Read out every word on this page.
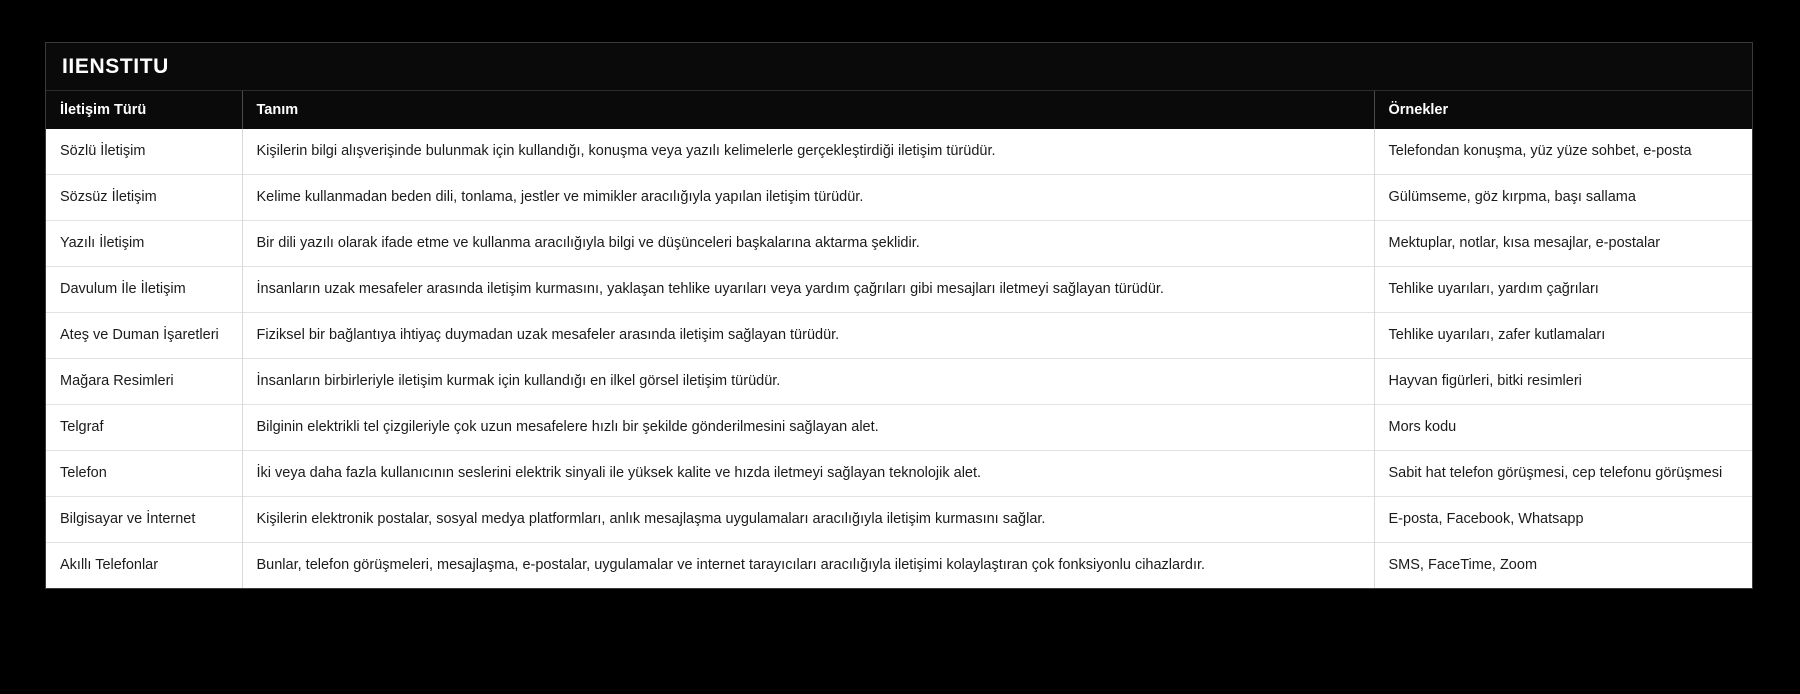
IIENSTITU
İletişim Türü	Tanım	Örnekler
Sözlü İletişim	Kişilerin bilgi alışverişinde bulunmak için kullandığı, konuşma veya yazılı kelimelerle gerçekleştirdiği iletişim türüdür.	Telefondan konuşma, yüz yüze sohbet, e-posta
Sözsüz İletişim	Kelime kullanmadan beden dili, tonlama, jestler ve mimikler aracılığıyla yapılan iletişim türüdür.	Gülümseme, göz kırpma, başı sallama
Yazılı İletişim	Bir dili yazılı olarak ifade etme ve kullanma aracılığıyla bilgi ve düşünceleri başkalarına aktarma şeklidir.	Mektuplar, notlar, kısa mesajlar, e-postalar
Davulum İle İletişim	İnsanların uzak mesafeler arasında iletişim kurmasını, yaklaşan tehlike uyarıları veya yardım çağrıları gibi mesajları iletmeyi sağlayan türüdür.	Tehlike uyarıları, yardım çağrıları
Ateş ve Duman İşaretleri	Fiziksel bir bağlantıya ihtiyaç duymadan uzak mesafeler arasında iletişim sağlayan türüdür.	Tehlike uyarıları, zafer kutlamaları
Mağara Resimleri	İnsanların birbirleriyle iletişim kurmak için kullandığı en ilkel görsel iletişim türüdür.	Hayvan figürleri, bitki resimleri
Telgraf	Bilginin elektrikli tel çizgileriyle çok uzun mesafelere hızlı bir şekilde gönderilmesini sağlayan alet.	Mors kodu
Telefon	İki veya daha fazla kullanıcının seslerini elektrik sinyali ile yüksek kalite ve hızda iletmeyi sağlayan teknolojik alet.	Sabit hat telefon görüşmesi, cep telefonu görüşmesi
Bilgisayar ve İnternet	Kişilerin elektronik postalar, sosyal medya platformları, anlık mesajlaşma uygulamaları aracılığıyla iletişim kurmasını sağlar.	E-posta, Facebook, Whatsapp
Akıllı Telefonlar	Bunlar, telefon görüşmeleri, mesajlaşma, e-postalar, uygulamalar ve internet tarayıcıları aracılığıyla iletişimi kolaylaştıran çok fonksiyonlu cihazlardır.	SMS, FaceTime, Zoom
